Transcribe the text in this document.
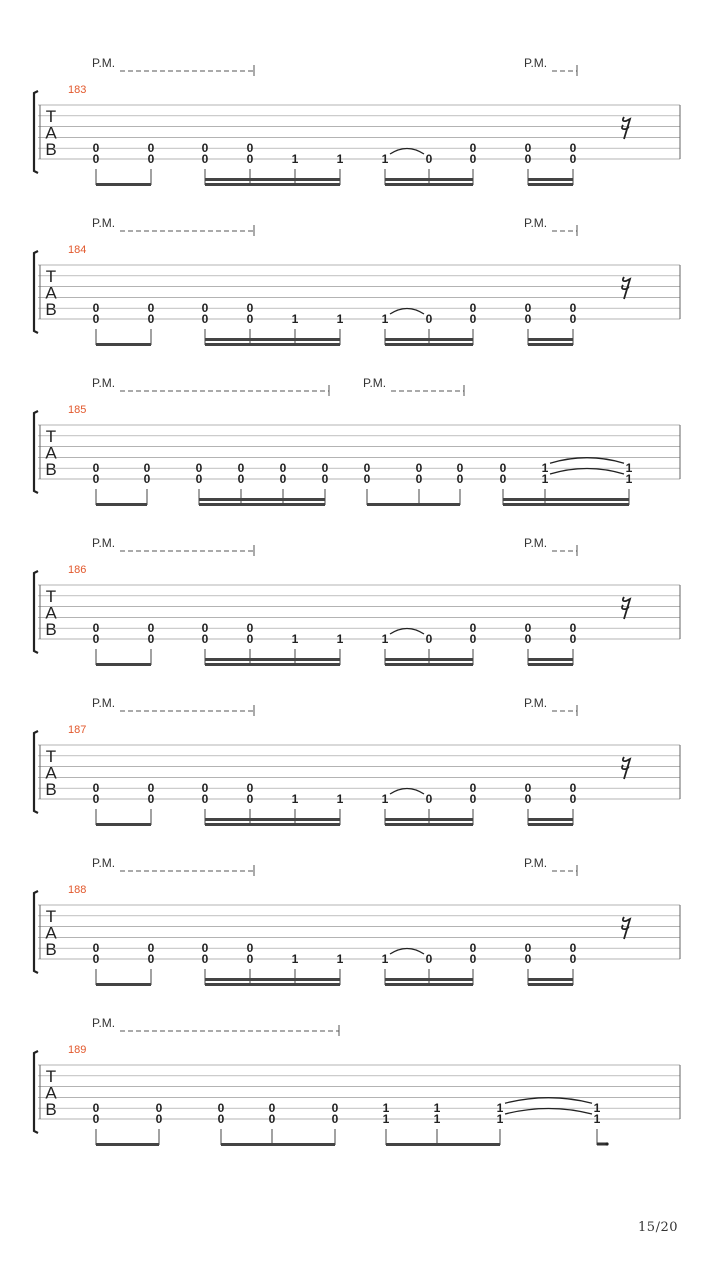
T
A
B
183
P.M.	P.M.
0
0
0
0
0
0
0
0	1	1	1	0
0
0
0
0
0
0
T
A
B
184
P.M.	P.M.
0
0
0
0
0
0
0
0	1	1	1	0
0
0
0
0
0
0
T
A
B
185
P.M.	P.M.
0
0
0
0
0
0
0
0
0
0
0
0
0
0
0
0
0
0
0
0
1
1
1
1
T
A
B
186
P.M.	P.M.
0
0
0
0
0
0
0
0	1	1	1	0
0
0
0
0
0
0
T
A
B
187
P.M.	P.M.
0
0
0
0
0
0
0
0	1	1	1	0
0
0
0
0
0
0
T
A
B
188
P.M.	P.M.
0
0
0
0
0
0
0
0	1	1	1	0
0
0
0
0
0
0
T
A
B
189
P.M.
0
0
0
0
0
0
0
0
0
0
1
1
1
1
1
1
1
1
15/20
